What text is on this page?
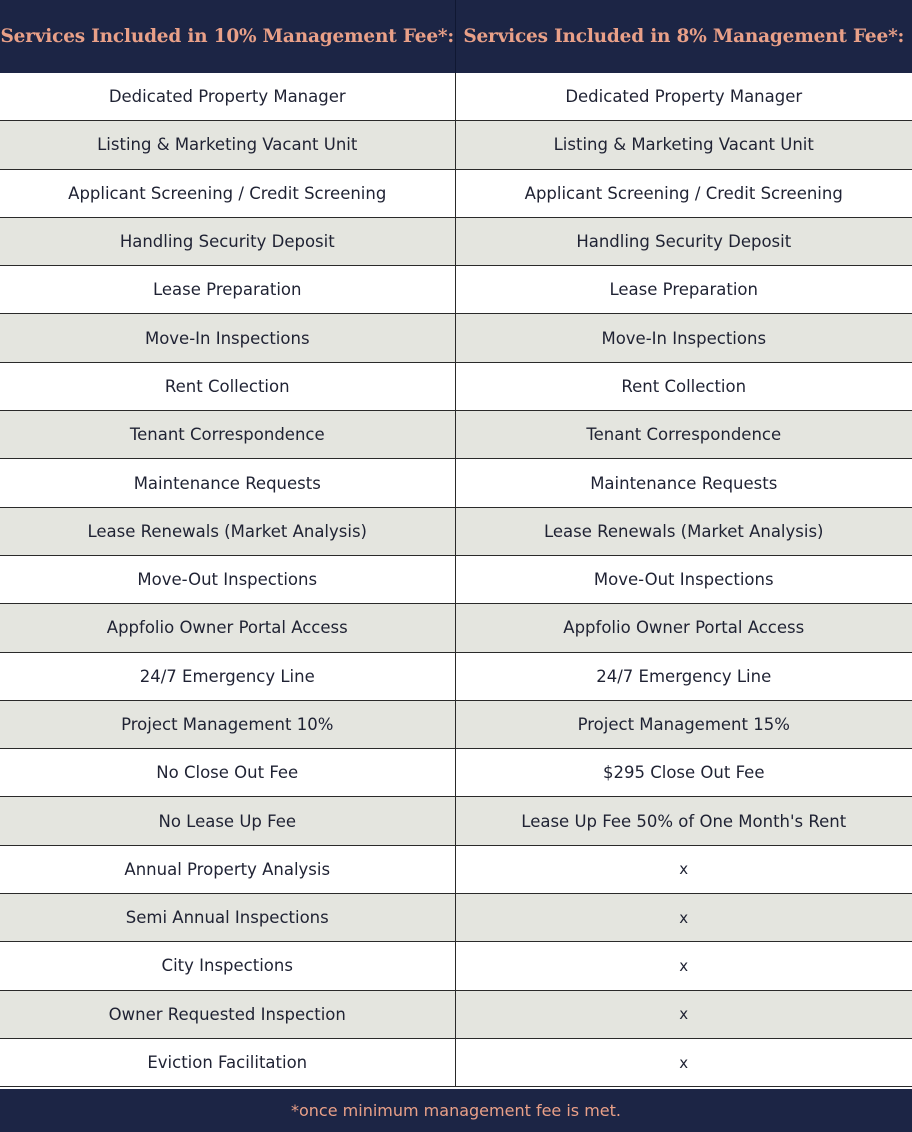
Services Included in 10% Management Fee*:	Services Included in 8% Management Fee*:
Dedicated Property Manager	Dedicated Property Manager
Listing & Marketing Vacant Unit	Listing & Marketing Vacant Unit
Applicant Screening / Credit Screening	Applicant Screening / Credit Screening
Handling Security Deposit	Handling Security Deposit
Lease Preparation	Lease Preparation
Move-In Inspections	Move-In Inspections
Rent Collection	Rent Collection
Tenant Correspondence	Tenant Correspondence
Maintenance Requests	Maintenance Requests
Lease Renewals (Market Analysis)	Lease Renewals (Market Analysis)
Move-Out Inspections	Move-Out Inspections
Appfolio Owner Portal Access	Appfolio Owner Portal Access
24/7 Emergency Line	24/7 Emergency Line
Project Management 10%	Project Management 15%
No Close Out Fee	$295 Close Out Fee
No Lease Up Fee	Lease Up Fee 50% of One Month's Rent
Annual Property Analysis	x
Semi Annual Inspections	x
City Inspections	x
Owner Requested Inspection	x
Eviction Facilitation	x
*once minimum management fee is met.
